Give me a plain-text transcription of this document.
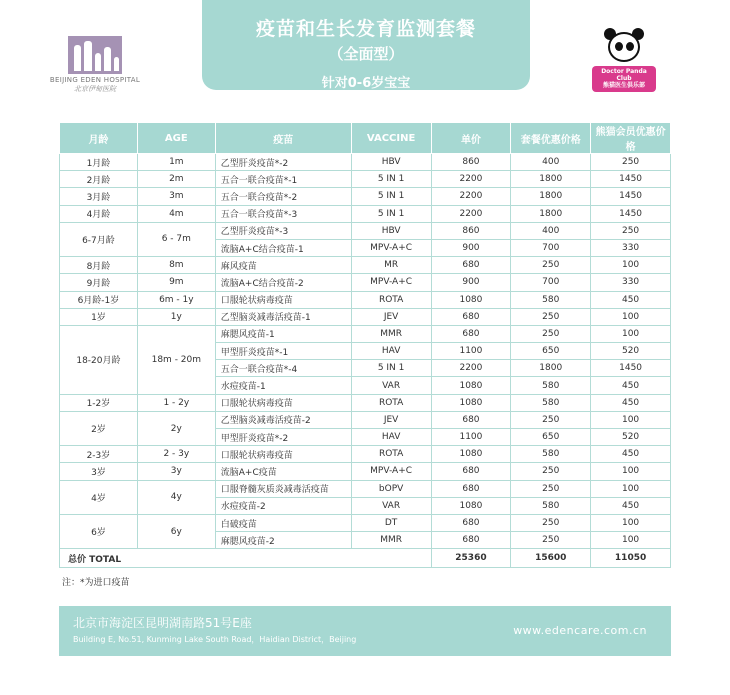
BEIJING EDEN HOSPITAL
北京伊甸医院
疫苗和生长发育监测套餐
（全面型）
针对0-6岁宝宝
Doctor Panda Club
熊猫医生俱乐部
月龄	AGE	疫苗	VACCINE	单价	套餐优惠价格	熊猫会员优惠价格
1月龄	1m	乙型肝炎疫苗*-2	HBV	860	400	250
2月龄	2m	五合一联合疫苗*-1	5 IN 1	2200	1800	1450
3月龄	3m	五合一联合疫苗*-2	5 IN 1	2200	1800	1450
4月龄	4m	五合一联合疫苗*-3	5 IN 1	2200	1800	1450
6-7月龄	6 - 7m	乙型肝炎疫苗*-3	HBV	860	400	250
		流脑A+C结合疫苗-1	MPV-A+C	900	700	330
8月龄	8m	麻风疫苗	MR	680	250	100
9月龄	9m	流脑A+C结合疫苗-2	MPV-A+C	900	700	330
6月龄-1岁	6m - 1y	口服轮状病毒疫苗	ROTA	1080	580	450
1岁	1y	乙型脑炎减毒活疫苗-1	JEV	680	250	100
18-20月龄	18m - 20m	麻腮风疫苗-1	MMR	680	250	100
		甲型肝炎疫苗*-1	HAV	1100	650	520
		五合一联合疫苗*-4	5 IN 1	2200	1800	1450
		水痘疫苗-1	VAR	1080	580	450
1-2岁	1 - 2y	口服轮状病毒疫苗	ROTA	1080	580	450
2岁	2y	乙型脑炎减毒活疫苗-2	JEV	680	250	100
		甲型肝炎疫苗*-2	HAV	1100	650	520
2-3岁	2 - 3y	口服轮状病毒疫苗	ROTA	1080	580	450
3岁	3y	流脑A+C疫苗	MPV-A+C	680	250	100
4岁	4y	口服脊髓灰质炎减毒活疫苗	bOPV	680	250	100
		水痘疫苗-2	VAR	1080	580	450
6岁	6y	白破疫苗	DT	680	250	100
		麻腮风疫苗-2	MMR	680	250	100
总价 TOTAL				25360	15600	11050
注：*为进口疫苗
北京市海淀区昆明湖南路51号E座
Building E, No.51, Kunming Lake South Road，Haidian District，Beijing
www.edencare.com.cn
